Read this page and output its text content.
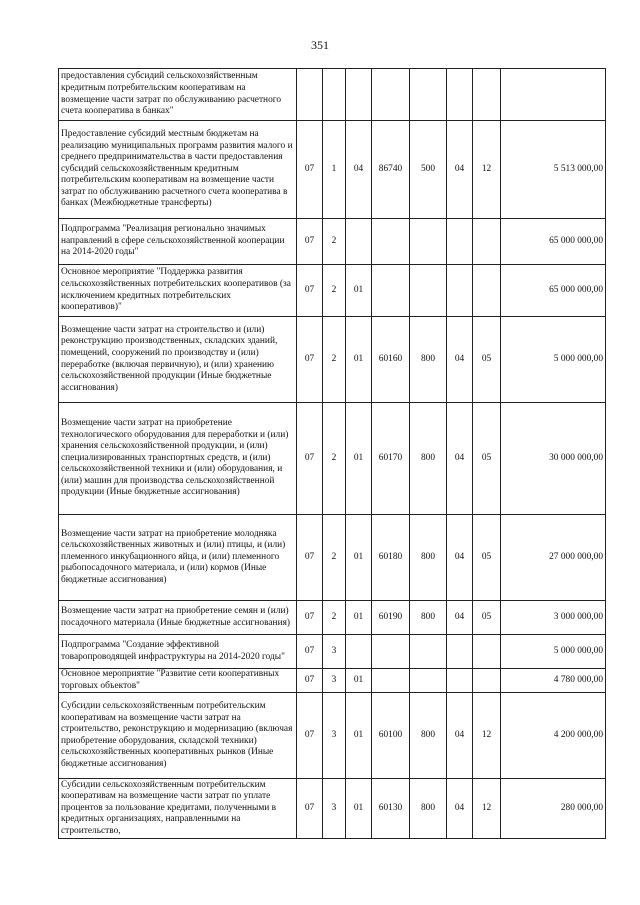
351
предоставления субсидий сельскохозяйственным кредитным потребительским кооперативам на возмещение части затрат по обслуживанию расчетного счета кооператива в банках"								
Предоставление субсидий местным бюджетам на реализацию муниципальных программ развития малого и среднего предпринимательства в части предоставления субсидий сельскохозяйственным кредитным потребительским кооперативам на возмещение части затрат по обслуживанию расчетного счета кооператива в банках (Межбюджетные трансферты)	07	1	04	86740	500	04	12	5 513 000,00
Подпрограмма "Реализация регионально значимых направлений в сфере сельскохозяйственной кооперации на 2014-2020 годы"	07	2						65 000 000,00
Основное мероприятие "Поддержка развития сельскохозяйственных потребительских кооперативов (за исключением кредитных потребительских кооперативов)"	07	2	01					65 000 000,00
Возмещение части затрат на строительство и (или) реконструкцию производственных, складских зданий, помещений, сооружений по производству и (или) переработке (включая первичную), и (или) хранению сельскохозяйственной продукции (Иные бюджетные ассигнования)	07	2	01	60160	800	04	05	5 000 000,00
Возмещение части затрат на приобретение технологического оборудования для переработки и (или) хранения сельскохозяйственной продукции, и (или) специализированных транспортных средств, и (или) сельскохозяйственной техники и (или) оборудования, и (или) машин для производства сельскохозяйственной продукции (Иные бюджетные ассигнования)	07	2	01	60170	800	04	05	30 000 000,00
Возмещение части затрат на приобретение молодняка сельскохозяйственных животных и (или) птицы, и (или) племенного инкубационного яйца, и (или) племенного рыбопосадочного материала, и (или) кормов (Иные бюджетные ассигнования)	07	2	01	60180	800	04	05	27 000 000,00
Возмещение части затрат на приобретение семян и (или) посадочного материала (Иные бюджетные ассигнования)	07	2	01	60190	800	04	05	3 000 000,00
Подпрограмма "Создание эффективной товаропроводящей инфраструктуры на 2014-2020 годы"	07	3						5 000 000,00
Основное мероприятие "Развитие сети кооперативных торговых объектов"	07	3	01					4 780 000,00
Субсидии сельскохозяйственным потребительским кооперативам на возмещение части затрат на строительство, реконструкцию и модернизацию (включая приобретение оборудования, складской техники) сельскохозяйственных кооперативных рынков (Иные бюджетные ассигнования)	07	3	01	60100	800	04	12	4 200 000,00
Субсидии сельскохозяйственным потребительским кооперативам на возмещение части затрат по уплате процентов за пользование кредитами, полученными в кредитных организациях, направленными на строительство,	07	3	01	60130	800	04	12	280 000,00
